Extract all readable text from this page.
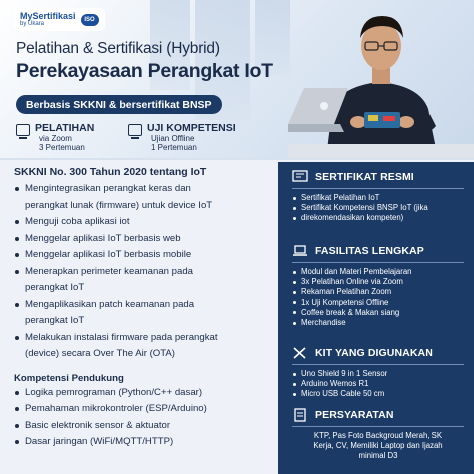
MySertifikasi
by Ukara
ISO
Pelatihan & Sertifikasi (Hybrid)
Perekayasaan Perangkat IoT
Berbasis SKKNI & bersertifikat BNSP
PELATIHAN
via Zoom
3 Pertemuan
UJI KOMPETENSI
Ujian Offline
1 Pertemuan
SKKNI No. 300 Tahun 2020 tentang IoT
Mengintegrasikan perangkat keras dan
perangkat lunak (firmware) untuk device IoT
Menguji coba aplikasi iot
Menggelar aplikasi IoT berbasis web
Menggelar aplikasi IoT berbasis mobile
Menerapkan perimeter keamanan pada
perangkat IoT
Mengaplikasikan patch keamanan pada
perangkat IoT
Melakukan instalasi firmware pada perangkat
(device) secara Over The Air (OTA)
Kompetensi Pendukung
Logika pemrograman (Python/C++ dasar)
Pemahaman mikrokontroler (ESP/Arduino)
Basic elektronik sensor & aktuator
Dasar jaringan (WiFi/MQTT/HTTP)
SERTIFIKAT RESMI
Sertifikat Pelatihan IoT
Sertifikat Kompetensi BNSP IoT (jika
direkomendasikan kompeten)
FASILITAS LENGKAP
Modul dan Materi Pembelajaran
3x Pelatihan Online via Zoom
Rekaman Pelatihan Zoom
1x Uji Kompetensi Offline
Coffee break & Makan siang
Merchandise
KIT YANG DIGUNAKAN
Uno Shield 9 in 1 Sensor
Arduino Wemos R1
Micro USB Cable 50 cm
PERSYARATAN
KTP, Pas Foto Backgroud Merah, SK
Kerja, CV, Memiliki Laptop dan Ijazah
minimal D3
